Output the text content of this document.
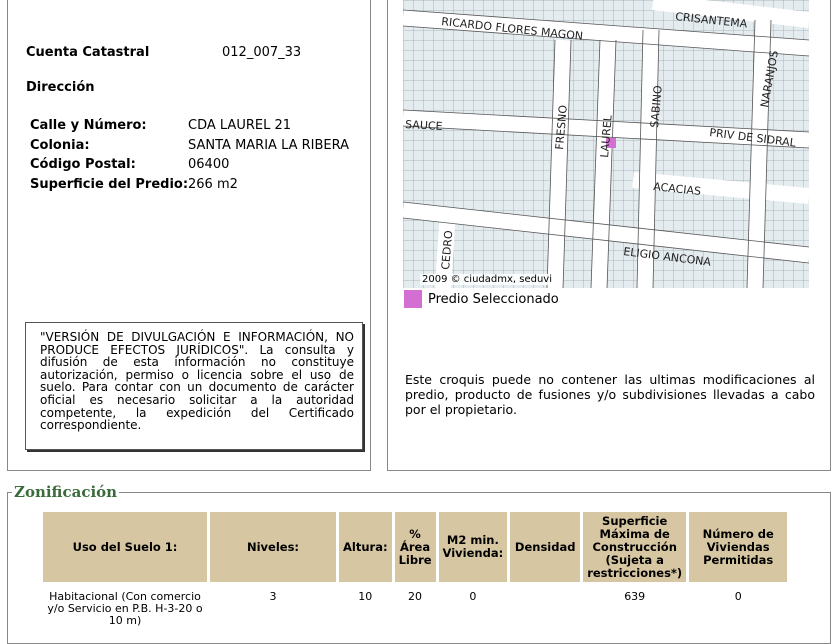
Cuenta Catastral	012_007_33
Dirección
Calle y Número:	CDA LAUREL 21
Colonia:	SANTA MARIA LA RIBERA
Código Postal:	06400
Superficie del Predio: 266 m2
"VERSIÓN DE DIVULGACIÓN E INFORMACIÓN, NO PRODUCE EFECTOS JURÍDICOS". La consulta y difusión de esta información no constituye autorización, permiso o licencia sobre el uso de suelo. Para contar con un documento de carácter oficial es necesario solicitar a la autoridad competente, la expedición del Certificado correspondiente.
CRISANTEMA
RICARDO FLORES MAGON
NARANJOS
SAUCE	FRESNO	LAUREL
SABINO
PRIV DE SIDRAL
ACACIAS
CEDRO	ELIGIO ANCONA
2009 © ciudadmx, seduvi
Predio Seleccionado
Este croquis puede no contener las ultimas modificaciones al predio, producto de fusiones y/o subdivisiones llevadas a cabo por el propietario.
Zonificación
Uso del Suelo 1:	Niveles:	Altura:	% Área Libre	M2 min. Vivienda:	Densidad	Superficie Máxima de Construcción (Sujeta a restricciones*)	Número de Viviendas Permitidas
Habitacional (Con comercio y/o Servicio en P.B. H-3-20 o 10 m)	3	10	20	0		639	0
